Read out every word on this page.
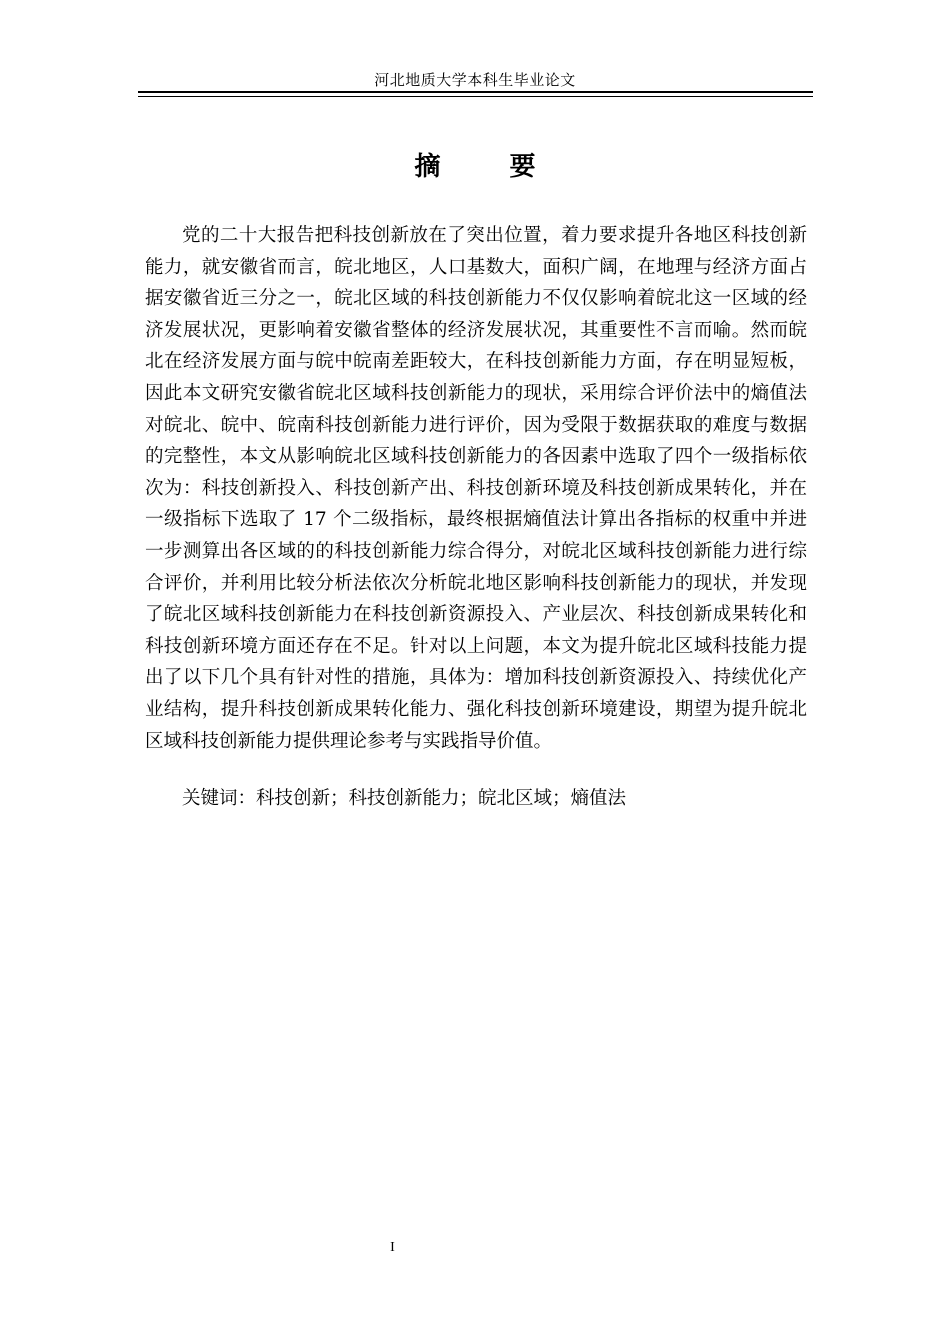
河北地质大学本科生毕业论文
摘 要

党的二十大报告把科技创新放在了突出位置，着力要求提升各地区科技创新能力，就安徽省而言，皖北地区，人口基数大，面积广阔，在地理与经济方面占据安徽省近三分之一，皖北区域的科技创新能力不仅仅影响着皖北这一区域的经济发展状况，更影响着安徽省整体的经济发展状况，其重要性不言而喻。然而皖北在经济发展方面与皖中皖南差距较大，在科技创新能力方面，存在明显短板，因此本文研究安徽省皖北区域科技创新能力的现状，采用综合评价法中的熵值法对皖北、皖中、皖南科技创新能力进行评价，因为受限于数据获取的难度与数据的完整性，本文从影响皖北区域科技创新能力的各因素中选取了四个一级指标依次为：科技创新投入、科技创新产出、科技创新环境及科技创新成果转化，并在一级指标下选取了 17 个二级指标，最终根据熵值法计算出各指标的权重中并进一步测算出各区域的的科技创新能力综合得分，对皖北区域科技创新能力进行综合评价，并利用比较分析法依次分析皖北地区影响科技创新能力的现状，并发现了皖北区域科技创新能力在科技创新资源投入、产业层次、科技创新成果转化和科技创新环境方面还存在不足。针对以上问题，本文为提升皖北区域科技能力提出了以下几个具有针对性的措施，具体为：增加科技创新资源投入、持续优化产业结构，提升科技创新成果转化能力、强化科技创新环境建设，期望为提升皖北区域科技创新能力提供理论参考与实践指导价值。

关键词：科技创新；科技创新能力；皖北区域；熵值法

I
